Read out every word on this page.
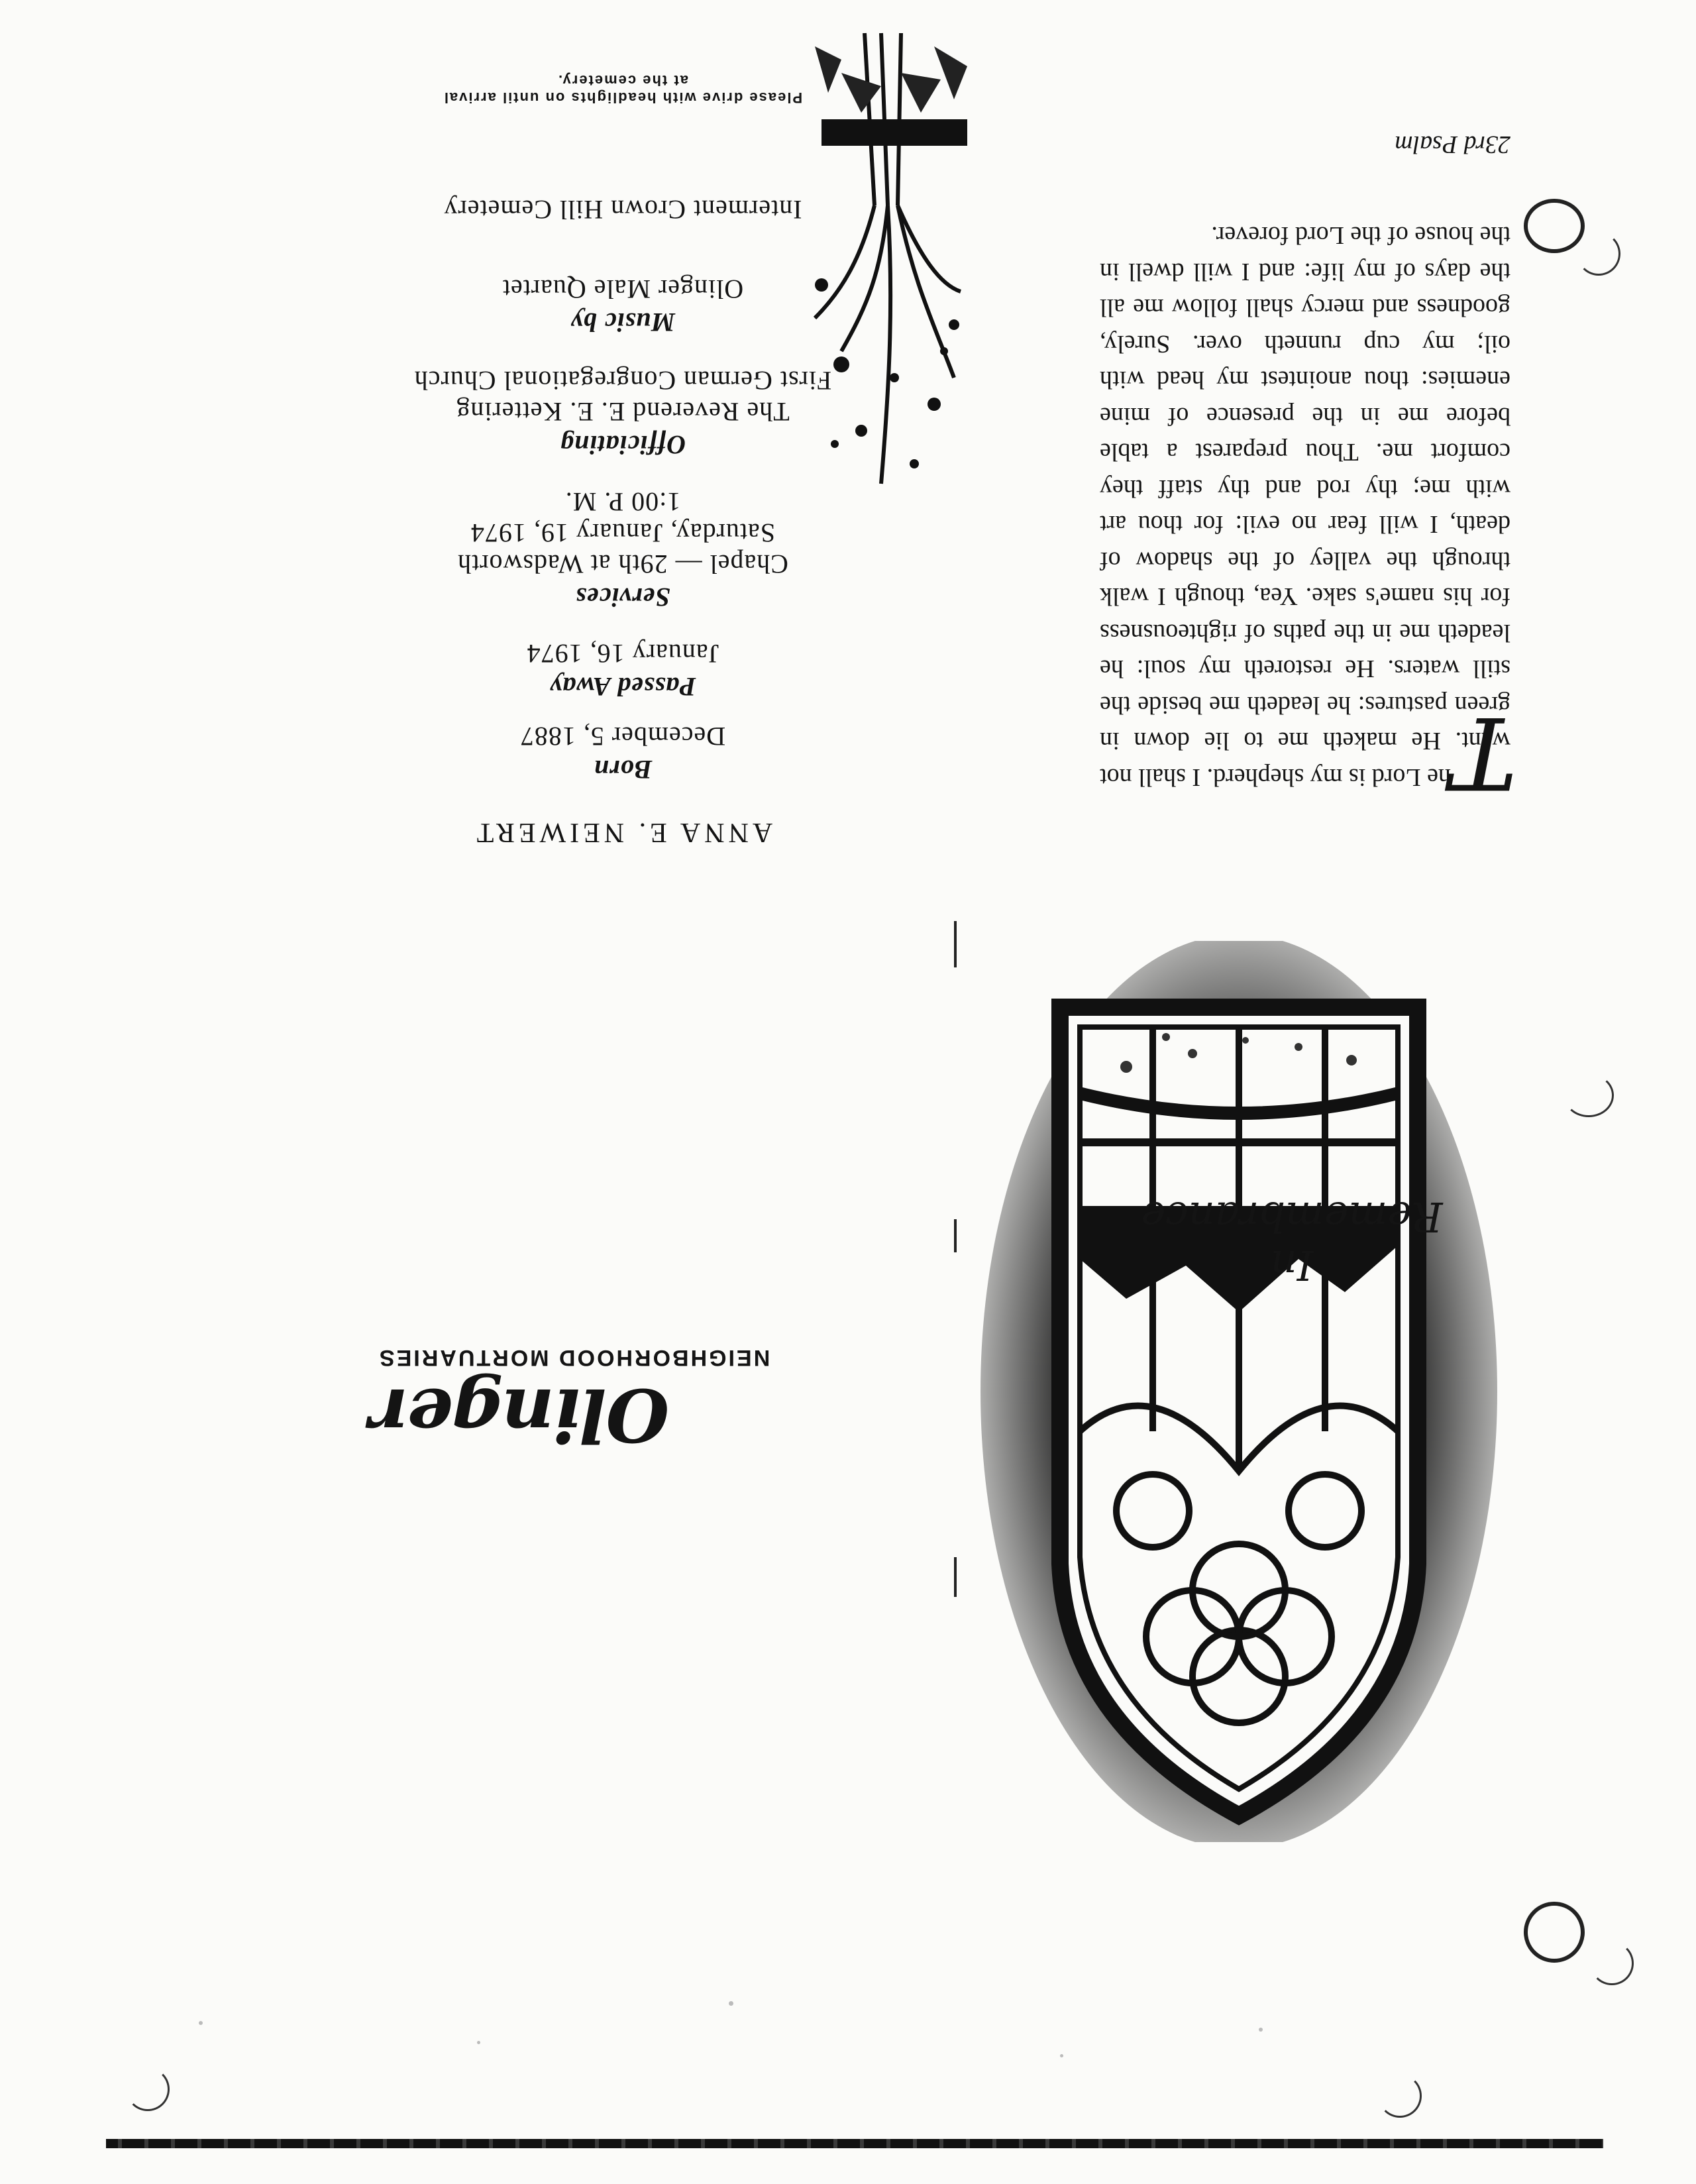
ANNA E. NEIWERT
Born
December 5, 1887
Passed Away
January 16, 1974
Services
Chapel — 29th at Wadsworth
Saturday, January 19, 1974
1:00 P. M.
Officiating
The Reverend E. E. Kettering
First German Congregational Church
Music by
Olinger Male Quartet
Interment Crown Hill Cemetery
Please drive with headlights on until arrival
at the cemetery.
T
he Lord is my shepherd. I shall not want. He maketh me to lie down in green pastures: he leadeth me beside the still waters. He restoreth my soul: he leadeth me in the paths of righteousness for his name's sake. Yea, though I walk through the valley of the shadow of death, I will fear no evil: for thou art with me; thy rod and thy staff they comfort me. Thou preparest a table before me in the presence of mine enemies: thou anointest my head with oil; my cup runneth over. Surely, goodness and mercy shall follow me all the days of my life: and I will dwell in the house of the Lord forever.
23rd Psalm
In Remembrance
Olinger
NEIGHBORHOOD MORTUARIES
